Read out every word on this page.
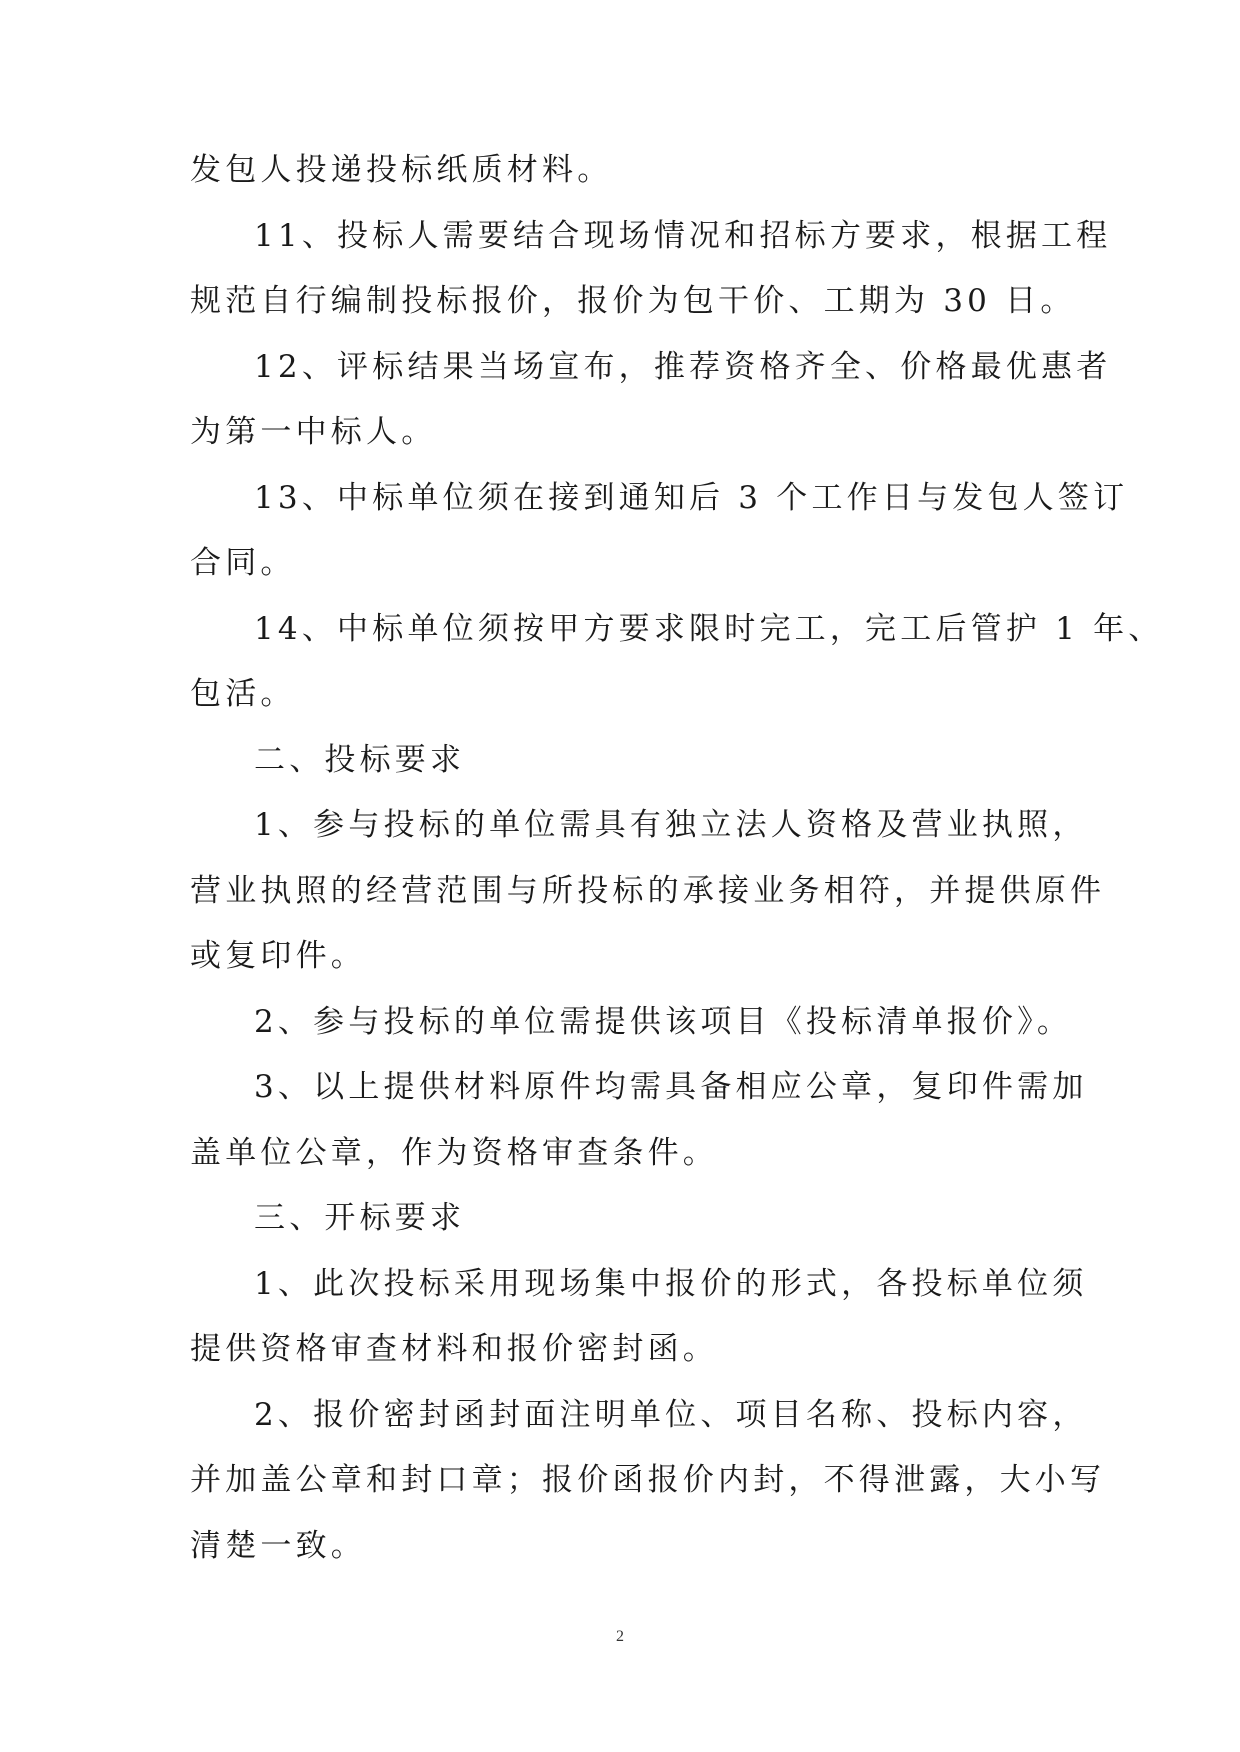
发包人投递投标纸质材料。
11、投标人需要结合现场情况和招标方要求，根据工程
规范自行编制投标报价，报价为包干价、工期为 30 日。
12、评标结果当场宣布，推荐资格齐全、价格最优惠者
为第一中标人。
13、中标单位须在接到通知后 3 个工作日与发包人签订
合同。
14、中标单位须按甲方要求限时完工，完工后管护 1 年、
包活。
二、投标要求
1、参与投标的单位需具有独立法人资格及营业执照，
营业执照的经营范围与所投标的承接业务相符，并提供原件
或复印件。
2、参与投标的单位需提供该项目《投标清单报价》。
3、以上提供材料原件均需具备相应公章，复印件需加
盖单位公章，作为资格审查条件。
三、开标要求
1、此次投标采用现场集中报价的形式，各投标单位须
提供资格审查材料和报价密封函。
2、报价密封函封面注明单位、项目名称、投标内容，
并加盖公章和封口章；报价函报价内封，不得泄露，大小写
清楚一致。
2
